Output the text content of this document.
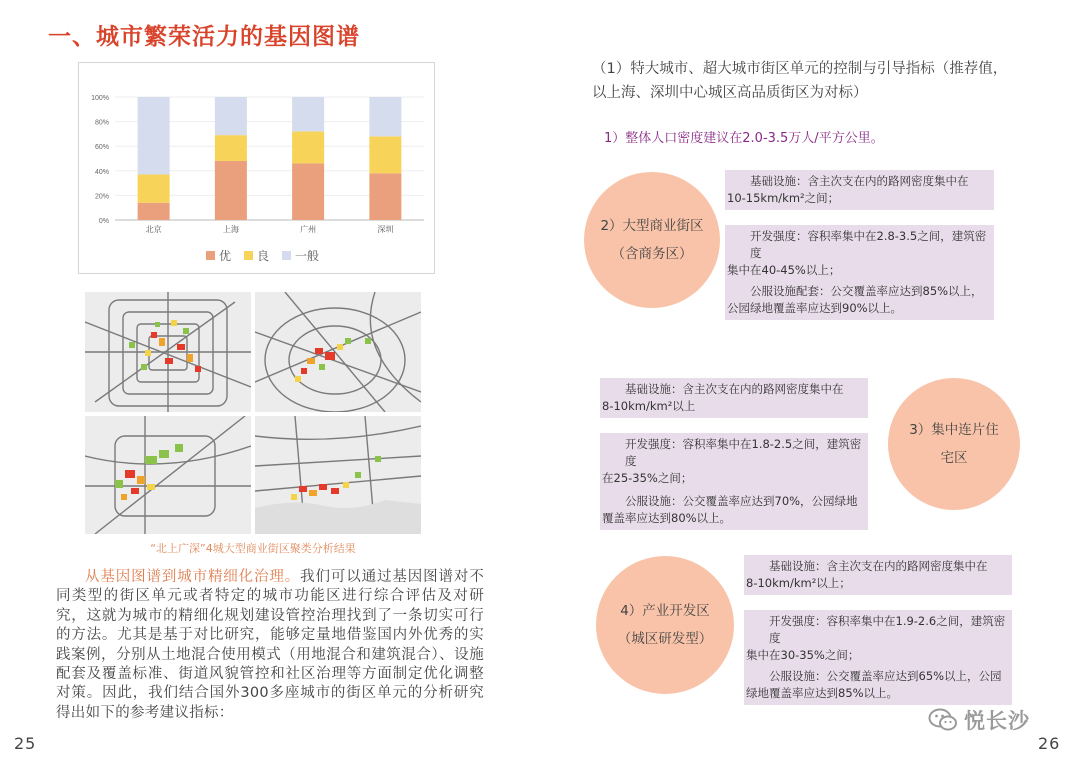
一、城市繁荣活力的基因图谱
0%
20%
40%
60%
80%
100%
北京	上海	广州	深圳
优 良 一般
“北上广深”4城大型商业街区聚类分析结果
从基因图谱到城市精细化治理。我们可以通过基因图谱对不同类型的街区单元或者特定的城市功能区进行综合评估及对研究，这就为城市的精细化规划建设管控治理找到了一条切实可行的方法。尤其是基于对比研究，能够定量地借鉴国内外优秀的实践案例，分别从土地混合使用模式（用地混合和建筑混合）、设施配套及覆盖标准、街道风貌管控和社区治理等方面制定优化调整对策。因此，我们结合国外300多座城市的街区单元的分析研究得出如下的参考建议指标：
25	26
（1）特大城市、超大城市街区单元的控制与引导指标（推荐值，以上海、深圳中心城区高品质街区为对标）
1）整体人口密度建议在2.0-3.5万人/平方公里。
2）大型商业街区（含商务区）
基础设施：含主次支在内的路网密度集中在
10-15km/km²之间；
开发强度：容积率集中在2.8-3.5之间，建筑密度
集中在40-45%以上；
公服设施配套：公交覆盖率应达到85%以上，
公园绿地覆盖率应达到90%以上。
基础设施：含主次支在内的路网密度集中在
8-10km/km²以上
开发强度：容积率集中在1.8-2.5之间，建筑密度
在25-35%之间；
公服设施：公交覆盖率应达到70%，公园绿地
覆盖率应达到80%以上。
3）集中连片住宅区
4）产业开发区（城区研发型）
基础设施：含主次支在内的路网密度集中在
8-10km/km²以上；
开发强度：容积率集中在1.9-2.6之间，建筑密度
集中在30-35%之间；
公服设施：公交覆盖率应达到65%以上，公园
绿地覆盖率应达到85%以上。
悦长沙
